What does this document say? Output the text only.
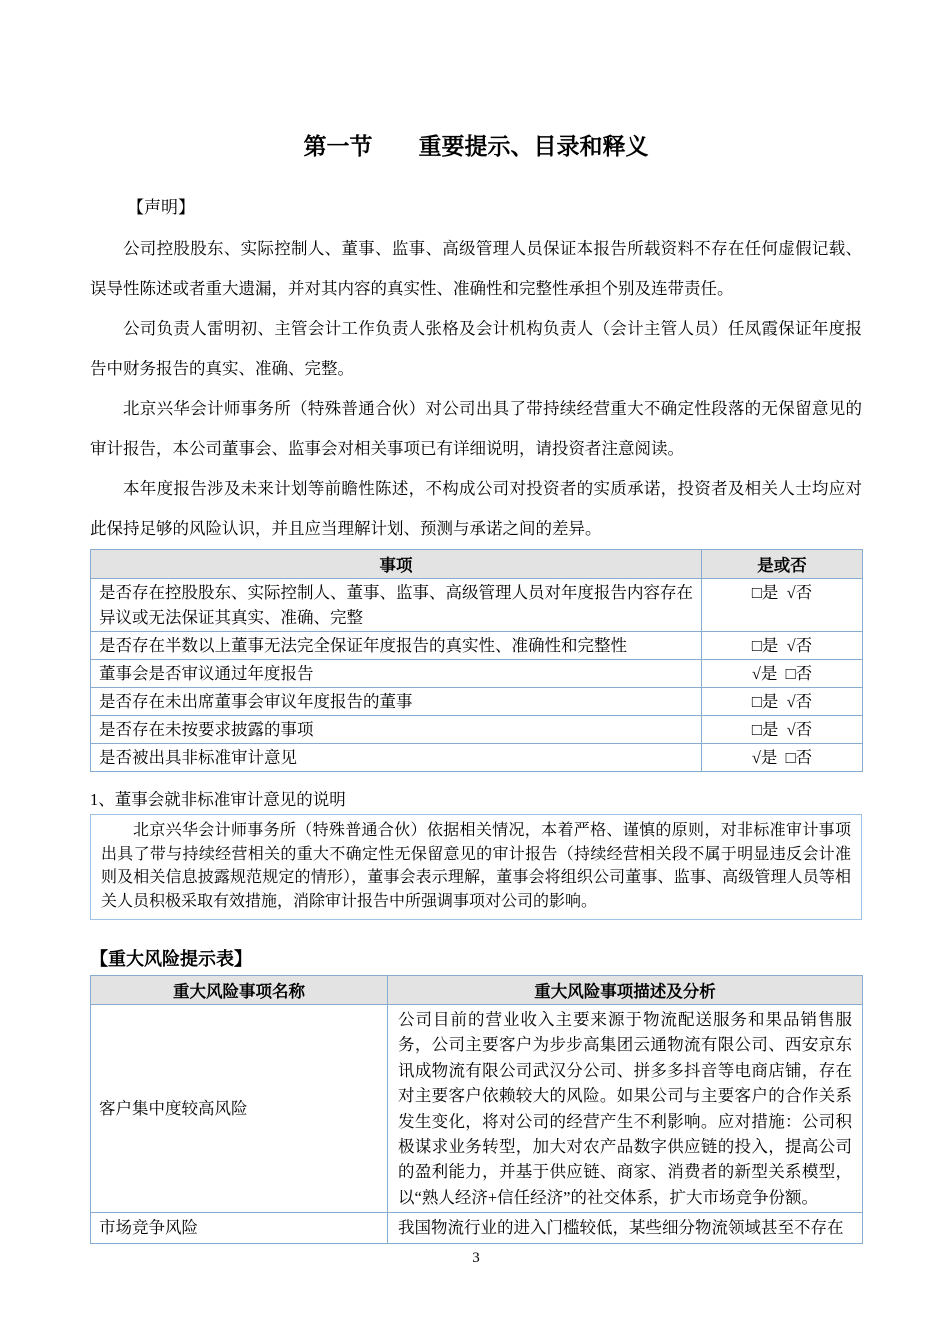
第一节　　重要提示、目录和释义
【声明】

公司控股股东、实际控制人、董事、监事、高级管理人员保证本报告所载资料不存在任何虚假记载、误导性陈述或者重大遗漏，并对其内容的真实性、准确性和完整性承担个别及连带责任。

公司负责人雷明初、主管会计工作负责人张格及会计机构负责人（会计主管人员）任凤霞保证年度报告中财务报告的真实、准确、完整。

北京兴华会计师事务所（特殊普通合伙）对公司出具了带持续经营重大不确定性段落的无保留意见的审计报告，本公司董事会、监事会对相关事项已有详细说明，请投资者注意阅读。

本年度报告涉及未来计划等前瞻性陈述，不构成公司对投资者的实质承诺，投资者及相关人士均应对此保持足够的风险认识，并且应当理解计划、预测与承诺之间的差异。

事项	是或否
是否存在控股股东、实际控制人、董事、监事、高级管理人员对年度报告内容存在异议或无法保证其真实、准确、完整	□是  √否
是否存在半数以上董事无法完全保证年度报告的真实性、准确性和完整性	□是  √否
董事会是否审议通过年度报告	√是  □否
是否存在未出席董事会审议年度报告的董事	□是  √否
是否存在未按要求披露的事项	□是  √否
是否被出具非标准审计意见	√是  □否
1、董事会就非标准审计意见的说明
北京兴华会计师事务所（特殊普通合伙）依据相关情况，本着严格、谨慎的原则，对非标准审计事项出具了带与持续经营相关的重大不确定性无保留意见的审计报告（持续经营相关段不属于明显违反会计准则及相关信息披露规范规定的情形），董事会表示理解，董事会将组织公司董事、监事、高级管理人员等相关人员积极采取有效措施，消除审计报告中所强调事项对公司的影响。
【重大风险提示表】
重大风险事项名称	重大风险事项描述及分析
客户集中度较高风险	公司目前的营业收入主要来源于物流配送服务和果品销售服务，公司主要客户为步步高集团云通物流有限公司、西安京东讯成物流有限公司武汉分公司、拼多多抖音等电商店铺，存在对主要客户依赖较大的风险。如果公司与主要客户的合作关系发生变化，将对公司的经营产生不利影响。应对措施：公司积极谋求业务转型，加大对农产品数字供应链的投入，提高公司的盈利能力，并基于供应链、商家、消费者的新型关系模型，以“熟人经济+信任经济”的社交体系，扩大市场竞争份额。
市场竞争风险	我国物流行业的进入门槛较低，某些细分物流领域甚至不存在
3
